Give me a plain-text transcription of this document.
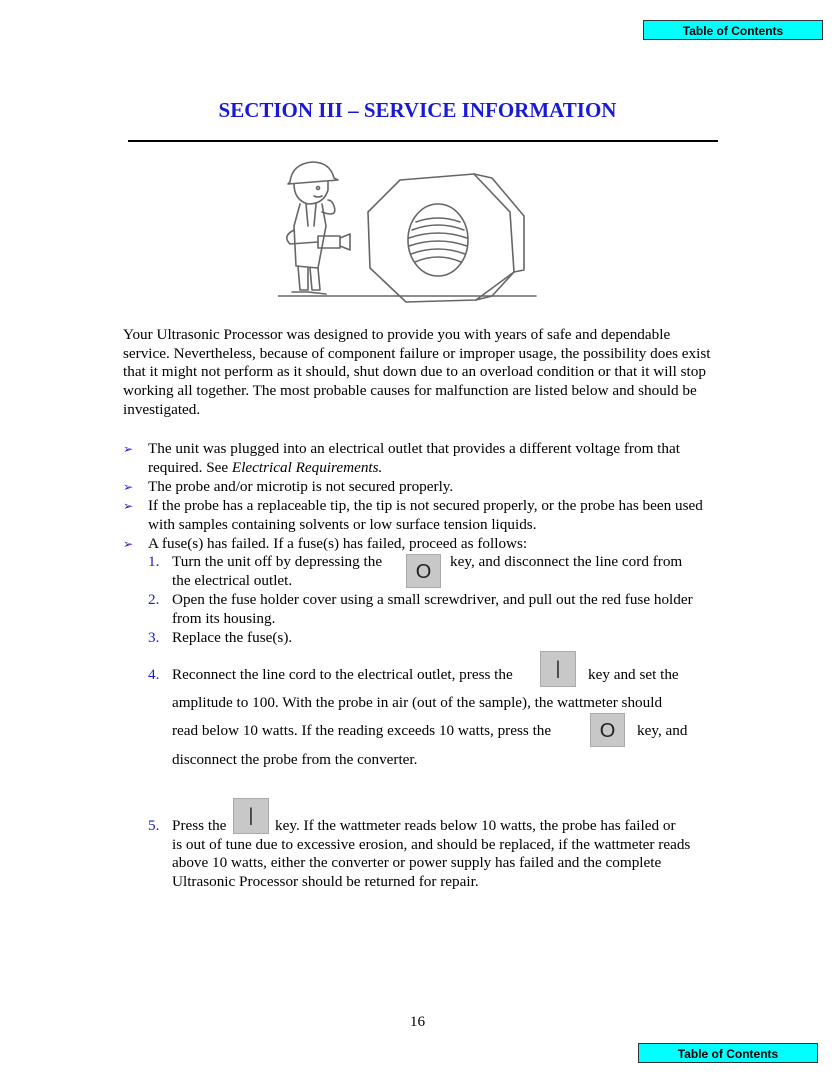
Table of Contents
SECTION III – SERVICE INFORMATION

Your Ultrasonic Processor was designed to provide you with years of safe and dependable service. Nevertheless, because of component failure or improper usage, the possibility does exist that it might not perform as it should, shut down due to an overload condition or that it will stop working all together. The most probable causes for malfunction are listed below and should be investigated.

➢ The unit was plugged into an electrical outlet that provides a different voltage from that required. See Electrical Requirements.
➢ The probe and/or microtip is not secured properly.
➢ If the probe has a replaceable tip, the tip is not secured properly, or the probe has been used with samples containing solvents or low surface tension liquids.
➢ A fuse(s) has failed. If a fuse(s) has failed, proceed as follows:
1. Turn the unit off by depressing the	key, and disconnect the line cord from
the electrical outlet.	O
2. Open the fuse holder cover using a small screwdriver, and pull out the red fuse holder from its housing.
3. Replace the fuse(s).
4. Reconnect the line cord to the electrical outlet, press the	key and set the
amplitude to 100. With the probe in air (out of the sample), the wattmeter should
read below 10 watts. If the reading exceeds 10 watts, press the	key, and
disconnect the probe from the converter.
|
O
5. Press the	key. If the wattmeter reads below 10 watts, the probe has failed or
is out of tune due to excessive erosion, and should be replaced, if the wattmeter reads above 10 watts, either the converter or power supply has failed and the complete Ultrasonic Processor should be returned for repair.
|
16
Table of Contents
